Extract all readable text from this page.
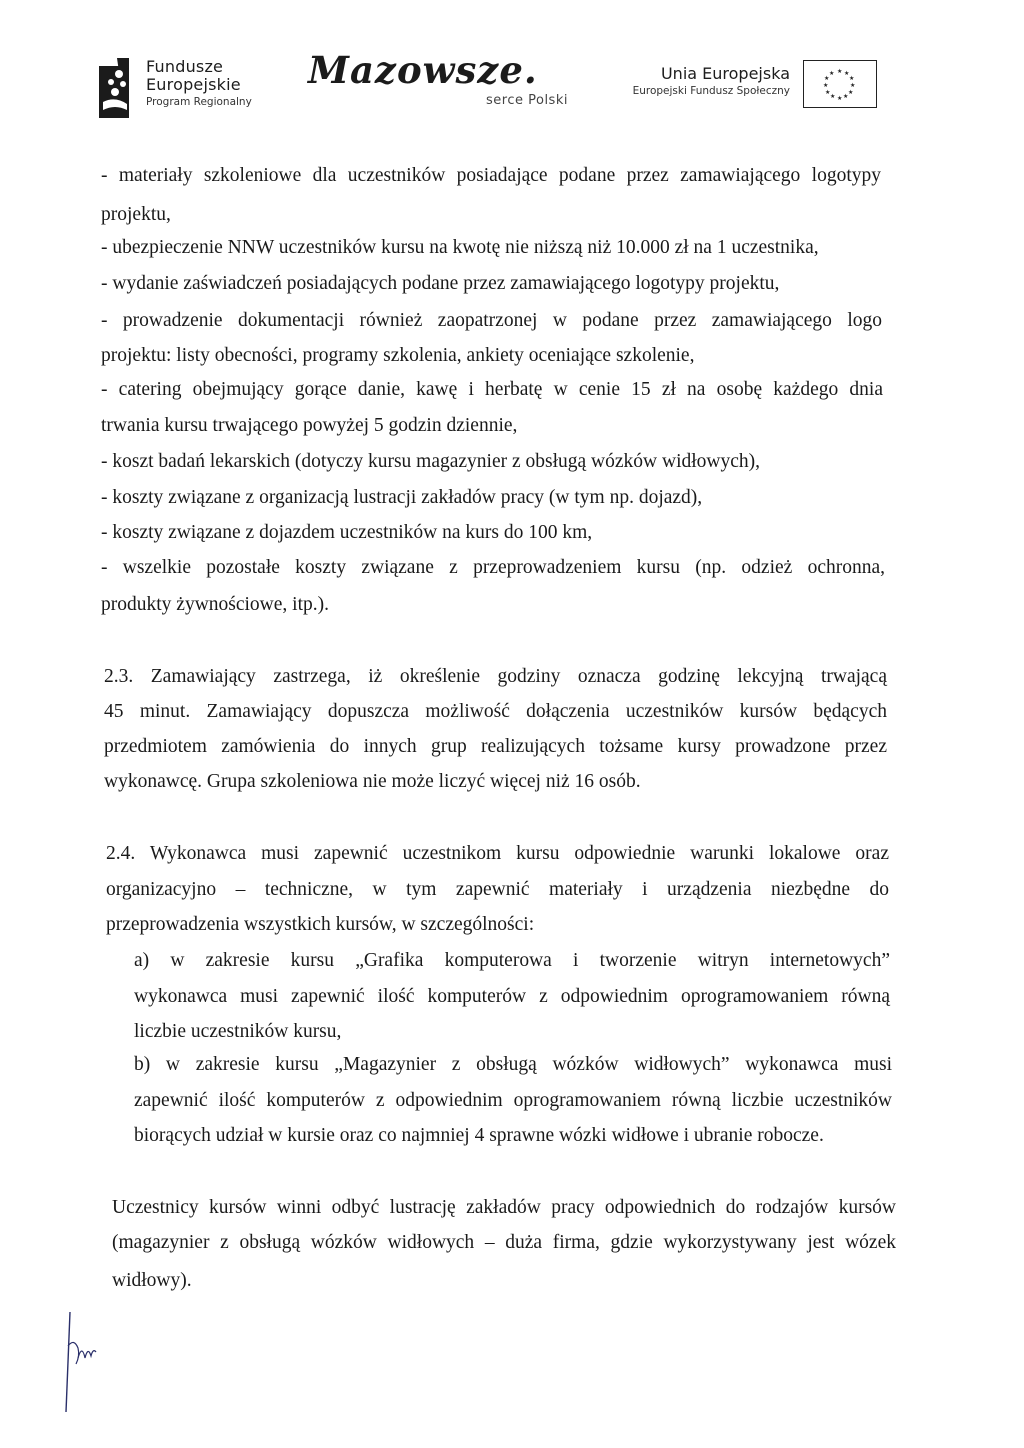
Fundusze
Europejskie
Program Regionalny
Mazowsze.
serce Polski
Unia Europejska
Europejski Fundusz Społeczny
★ ★
★
★
★
★
★
★
★
★
★
★
- materiały szkoleniowe dla uczestników posiadające podane przez zamawiającego logotypy
projektu,
- ubezpieczenie NNW uczestników kursu na kwotę nie niższą niż 10.000 zł na 1 uczestnika,
- wydanie zaświadczeń posiadających podane przez zamawiającego logotypy projektu,
- prowadzenie dokumentacji również zaopatrzonej w podane przez zamawiającego logo
projektu: listy obecności, programy szkolenia, ankiety oceniające szkolenie,
- catering obejmujący gorące danie, kawę i herbatę w cenie 15 zł na osobę każdego dnia
trwania kursu trwającego powyżej 5 godzin dziennie,
- koszt badań lekarskich (dotyczy kursu magazynier z obsługą wózków widłowych),
- koszty związane z organizacją lustracji zakładów pracy (w tym np. dojazd),
- koszty związane z dojazdem uczestników na kurs do 100 km,
- wszelkie pozostałe koszty związane z przeprowadzeniem kursu (np. odzież ochronna,
produkty żywnościowe, itp.).
2.3. Zamawiający zastrzega, iż określenie godziny oznacza godzinę lekcyjną trwającą
45 minut. Zamawiający dopuszcza możliwość dołączenia uczestników kursów będących
przedmiotem zamówienia do innych grup realizujących tożsame kursy prowadzone przez
wykonawcę. Grupa szkoleniowa nie może liczyć więcej niż 16 osób.
2.4. Wykonawca musi zapewnić uczestnikom kursu odpowiednie warunki lokalowe oraz
organizacyjno – techniczne, w tym zapewnić materiały i urządzenia niezbędne do
przeprowadzenia wszystkich kursów, w szczególności:
a) w zakresie kursu „Grafika komputerowa i tworzenie witryn internetowych”
wykonawca musi zapewnić ilość komputerów z odpowiednim oprogramowaniem równą
liczbie uczestników kursu,
b) w zakresie kursu „Magazynier z obsługą wózków widłowych” wykonawca musi
zapewnić ilość komputerów z odpowiednim oprogramowaniem równą liczbie uczestników
biorących udział w kursie oraz co najmniej 4 sprawne wózki widłowe i ubranie robocze.
Uczestnicy kursów winni odbyć lustrację zakładów pracy odpowiednich do rodzajów kursów
(magazynier z obsługą wózków widłowych – duża firma, gdzie wykorzystywany jest wózek
widłowy).
